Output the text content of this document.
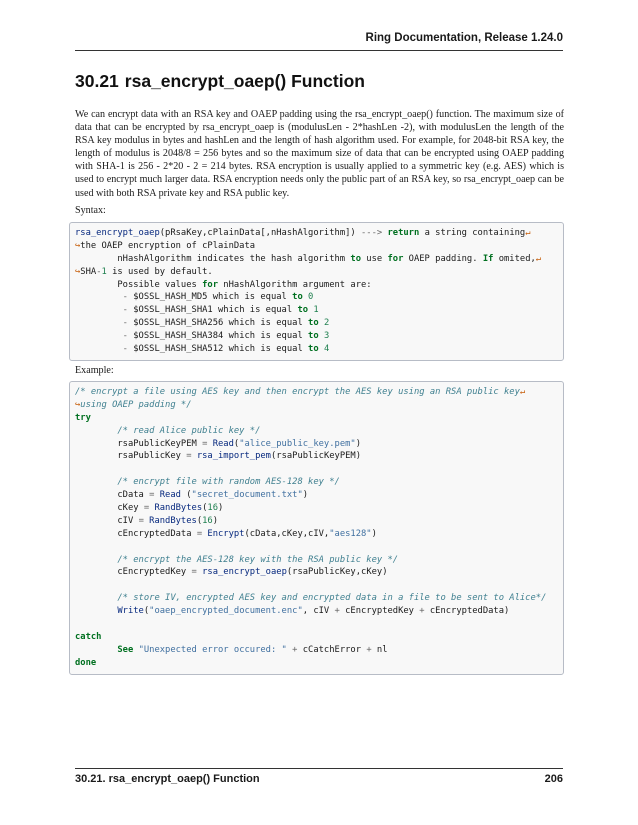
Ring Documentation, Release 1.24.0
30.21 rsa_encrypt_oaep() Function

We can encrypt data with an RSA key and OAEP padding using the rsa_encrypt_oaep() function. The maximum size of data that can be encrypted by rsa_encrypt_oaep is (modulusLen - 2*hashLen -2), with modulusLen the length of the RSA key modulus in bytes and hashLen and the length of hash algorithm used. For example, for 2048-bit RSA key, the length of modulus is 2048/8 = 256 bytes and so the maximum size of data that can be encrypted using OAEP padding with SHA-1 is 256 - 2*20 - 2 = 214 bytes. RSA encryption is usually applied to a symmetric key (e.g. AES) which is used to encrypt much larger data. RSA encryption needs only the public part of an RSA key, so rsa_encrypt_oaep can be used with both RSA private key and RSA public key.

Syntax:

rsa_encrypt_oaep(pRsaKey,cPlainData[,nHashAlgorithm]) ---> return a string containing↵
↪the OAEP encryption of cPlainData
nHashAlgorithm indicates the hash algorithm to use for OAEP padding. If omited,↵
↪SHA-1 is used by default.
Possible values for nHashAlgorithm argument are:
- $OSSL_HASH_MD5 which is equal to 0
- $OSSL_HASH_SHA1 which is equal to 1
- $OSSL_HASH_SHA256 which is equal to 2
- $OSSL_HASH_SHA384 which is equal to 3
- $OSSL_HASH_SHA512 which is equal to 4

Example:

/* encrypt a file using AES key and then encrypt the AES key using an RSA public key↵
↪using OAEP padding */
try
/* read Alice public key */
rsaPublicKeyPEM = Read("alice_public_key.pem")
rsaPublicKey = rsa_import_pem(rsaPublicKeyPEM)
/* encrypt file with random AES-128 key */
cData = Read ("secret_document.txt")
cKey = RandBytes(16)
cIV = RandBytes(16)
cEncryptedData = Encrypt(cData,cKey,cIV,"aes128")
/* encrypt the AES-128 key with the RSA public key */
cEncryptedKey = rsa_encrypt_oaep(rsaPublicKey,cKey)
/* store IV, encrypted AES key and encrypted data in a file to be sent to Alice*/
Write("oaep_encrypted_document.enc", cIV + cEncryptedKey + cEncryptedData)
catch
See "Unexpected error occured: " + cCatchError + nl
done
30.21. rsa_encrypt_oaep() Function	206
